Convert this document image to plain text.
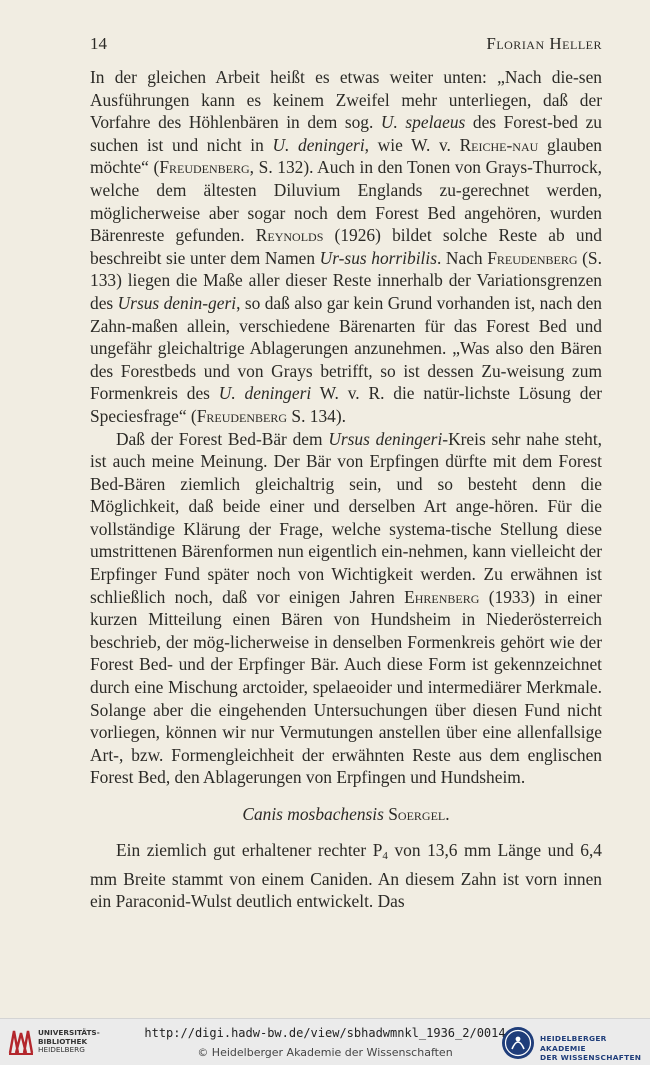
14	Florian Heller

In der gleichen Arbeit heißt es etwas weiter unten: „Nach die-sen Ausführungen kann es keinem Zweifel mehr unterliegen, daß der Vorfahre des Höhlenbären in dem sog. U. spelaeus des Forest-bed zu suchen ist und nicht in U. deningeri, wie W. v. Reiche-nau glauben möchte“ (Freudenberg, S. 132). Auch in den Tonen von Grays-Thurrock, welche dem ältesten Diluvium Englands zu-gerechnet werden, möglicherweise aber sogar noch dem Forest Bed angehören, wurden Bärenreste gefunden. Reynolds (1926) bildet solche Reste ab und beschreibt sie unter dem Namen Ur-sus horribilis. Nach Freudenberg (S. 133) liegen die Maße aller dieser Reste innerhalb der Variationsgrenzen des Ursus denin-geri, so daß also gar kein Grund vorhanden ist, nach den Zahn-maßen allein, verschiedene Bärenarten für das Forest Bed und ungefähr gleichaltrige Ablagerungen anzunehmen. „Was also den Bären des Forestbeds und von Grays betrifft, so ist dessen Zu-weisung zum Formenkreis des U. deningeri W. v. R. die natür-lichste Lösung der Speciesfrage“ (Freudenberg S. 134).

Daß der Forest Bed-Bär dem Ursus deningeri-Kreis sehr nahe steht, ist auch meine Meinung. Der Bär von Erpfingen dürfte mit dem Forest Bed-Bären ziemlich gleichaltrig sein, und so besteht denn die Möglichkeit, daß beide einer und derselben Art ange-hören. Für die vollständige Klärung der Frage, welche systema-tische Stellung diese umstrittenen Bärenformen nun eigentlich ein-nehmen, kann vielleicht der Erpfinger Fund später noch von Wichtigkeit werden. Zu erwähnen ist schließlich noch, daß vor einigen Jahren Ehrenberg (1933) in einer kurzen Mitteilung einen Bären von Hundsheim in Niederösterreich beschrieb, der mög-licherweise in denselben Formenkreis gehört wie der Forest Bed- und der Erpfinger Bär. Auch diese Form ist gekennzeichnet durch eine Mischung arctoider, spelaeoider und intermediärer Merkmale. Solange aber die eingehenden Untersuchungen über diesen Fund nicht vorliegen, können wir nur Vermutungen anstellen über eine allenfallsige Art-, bzw. Formengleichheit der erwähnten Reste aus dem englischen Forest Bed, den Ablagerungen von Erpfingen und Hundsheim.

Canis mosbachensis Soergel.

Ein ziemlich gut erhaltener rechter $P_4$ von 13,6 mm Länge und 6,4 mm Breite stammt von einem Caniden. An diesem Zahn ist vorn innen ein Paraconid-Wulst deutlich entwickelt. Das

UNIVERSITÄTS-
BIBLIOTHEK
HEIDELBERG
http://digi.hadw-bw.de/view/sbhadwmnkl_1936_2/0014
© Heidelberger Akademie der Wissenschaften
HEIDELBERGER AKADEMIE
DER WISSENSCHAFTEN
